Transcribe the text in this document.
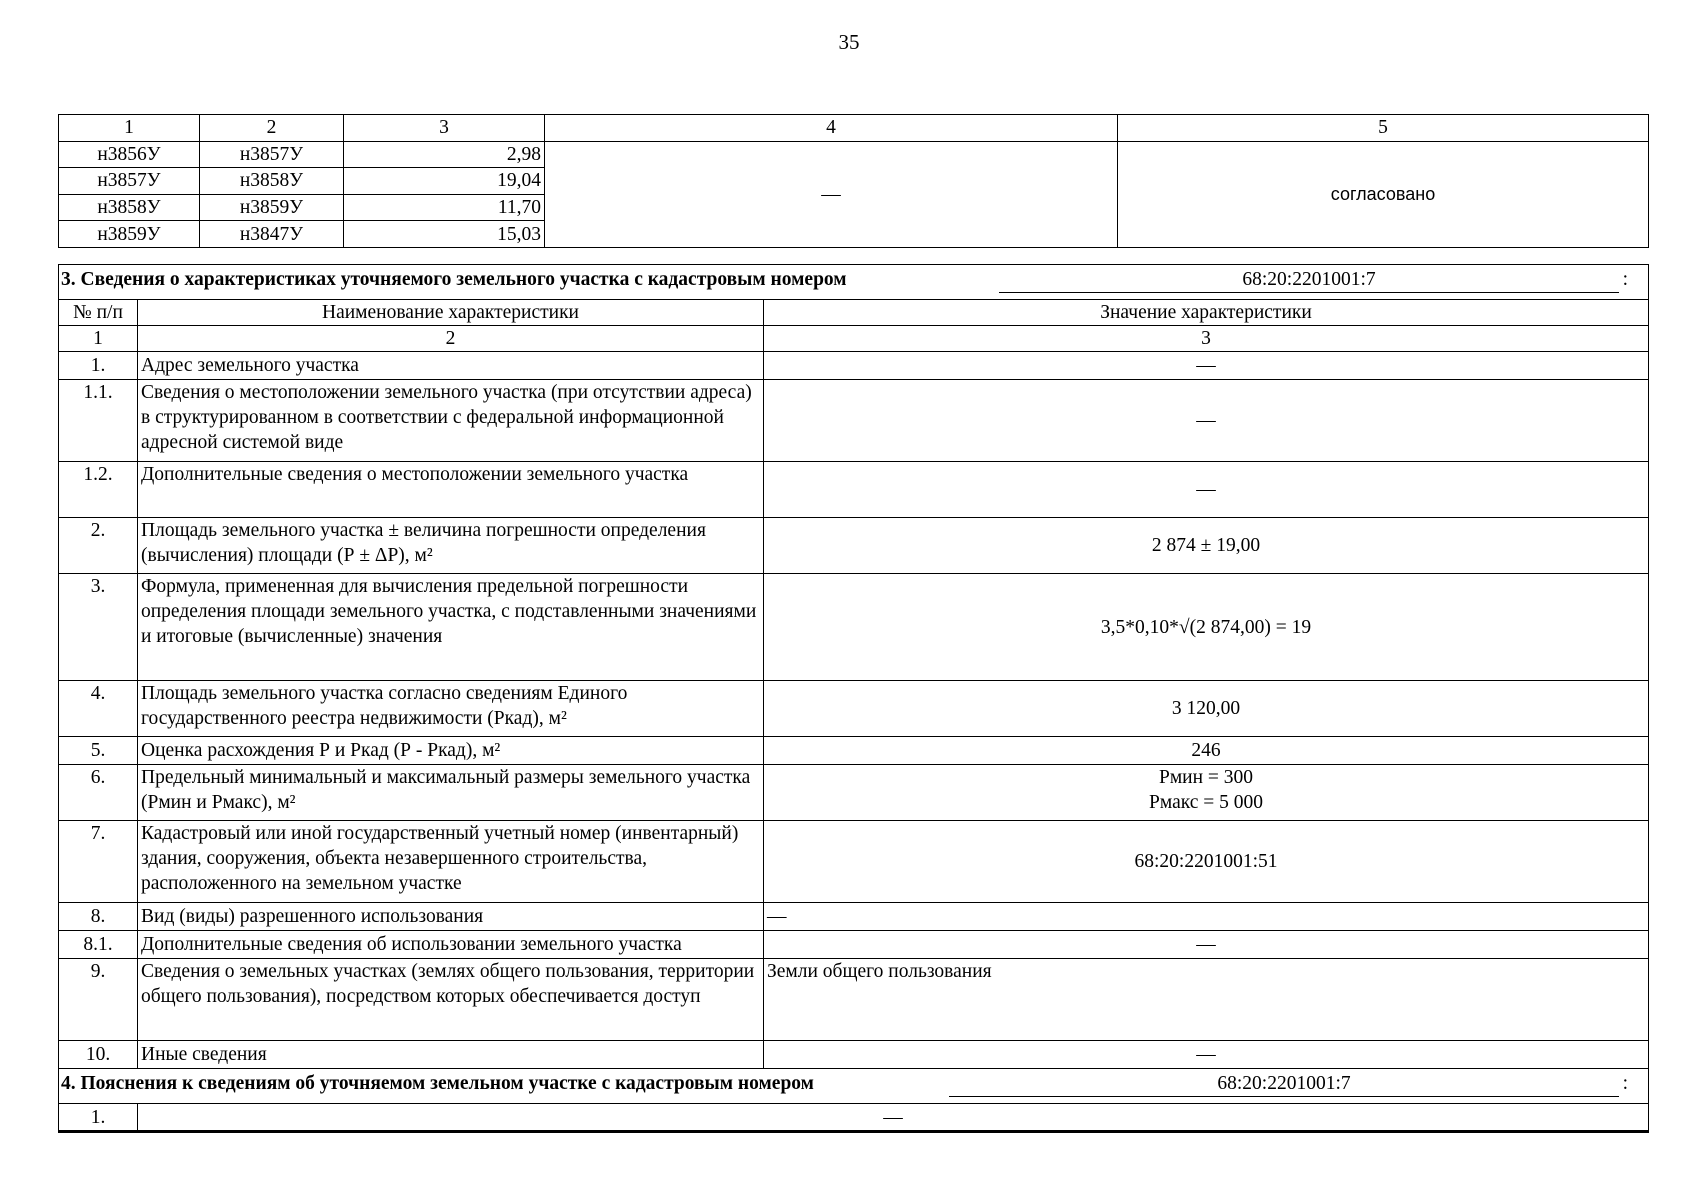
35
1	2	3	4	5
н3856У	н3857У	2,98	—	согласовано
н3857У	н3858У	19,04		
н3858У	н3859У	11,70		
н3859У	н3847У	15,03		
3. Сведения о характеристиках уточняемого земельного участка с кадастровым номером 68:20:2201001:7 :		

№ п/п	Наименование характеристики	Значение характеристики
1	2	3
1.	Адрес земельного участка	—
1.1.	Сведения о местоположении земельного участка (при отсутствии адреса) в структурированном в соответствии с федеральной информационной адресной системой виде	—
1.2.	Дополнительные сведения о местоположении земельного участка	—
2.	Площадь земельного участка ± величина погрешности определения (вычисления) площади (Р ± ΔР), м²	2 874 ± 19,00
3.	Формула, примененная для вычисления предельной погрешности определения площади земельного участка, с подставленными значениями и итоговые (вычисленные) значения	3,5*0,10*√(2 874,00) = 19
4.	Площадь земельного участка согласно сведениям Единого государственного реестра недвижимости (Ркад), м²	3 120,00
5.	Оценка расхождения Р и Ркад (Р - Ркад), м²	246
6.	Предельный минимальный и максимальный размеры земельного участка (Рмин и Рмакс), м²	Рмин = 300
Рмакс = 5 000

7.	Кадастровый или иной государственный учетный номер (инвентарный) здания, сооружения, объекта незавершенного строительства, расположенного на земельном участке	68:20:2201001:51
8.	Вид (виды) разрешенного использования	—
8.1.	Дополнительные сведения об использовании земельного участка	—
9.	Сведения о земельных участках (землях общего пользования, территории общего пользования), посредством которых обеспечивается доступ	Земли общего пользования
10.	Иные сведения	—

4. Пояснения к сведениям об уточняемом земельном участке с кадастровым номером 68:20:2201001:7 :		

1.	—	
